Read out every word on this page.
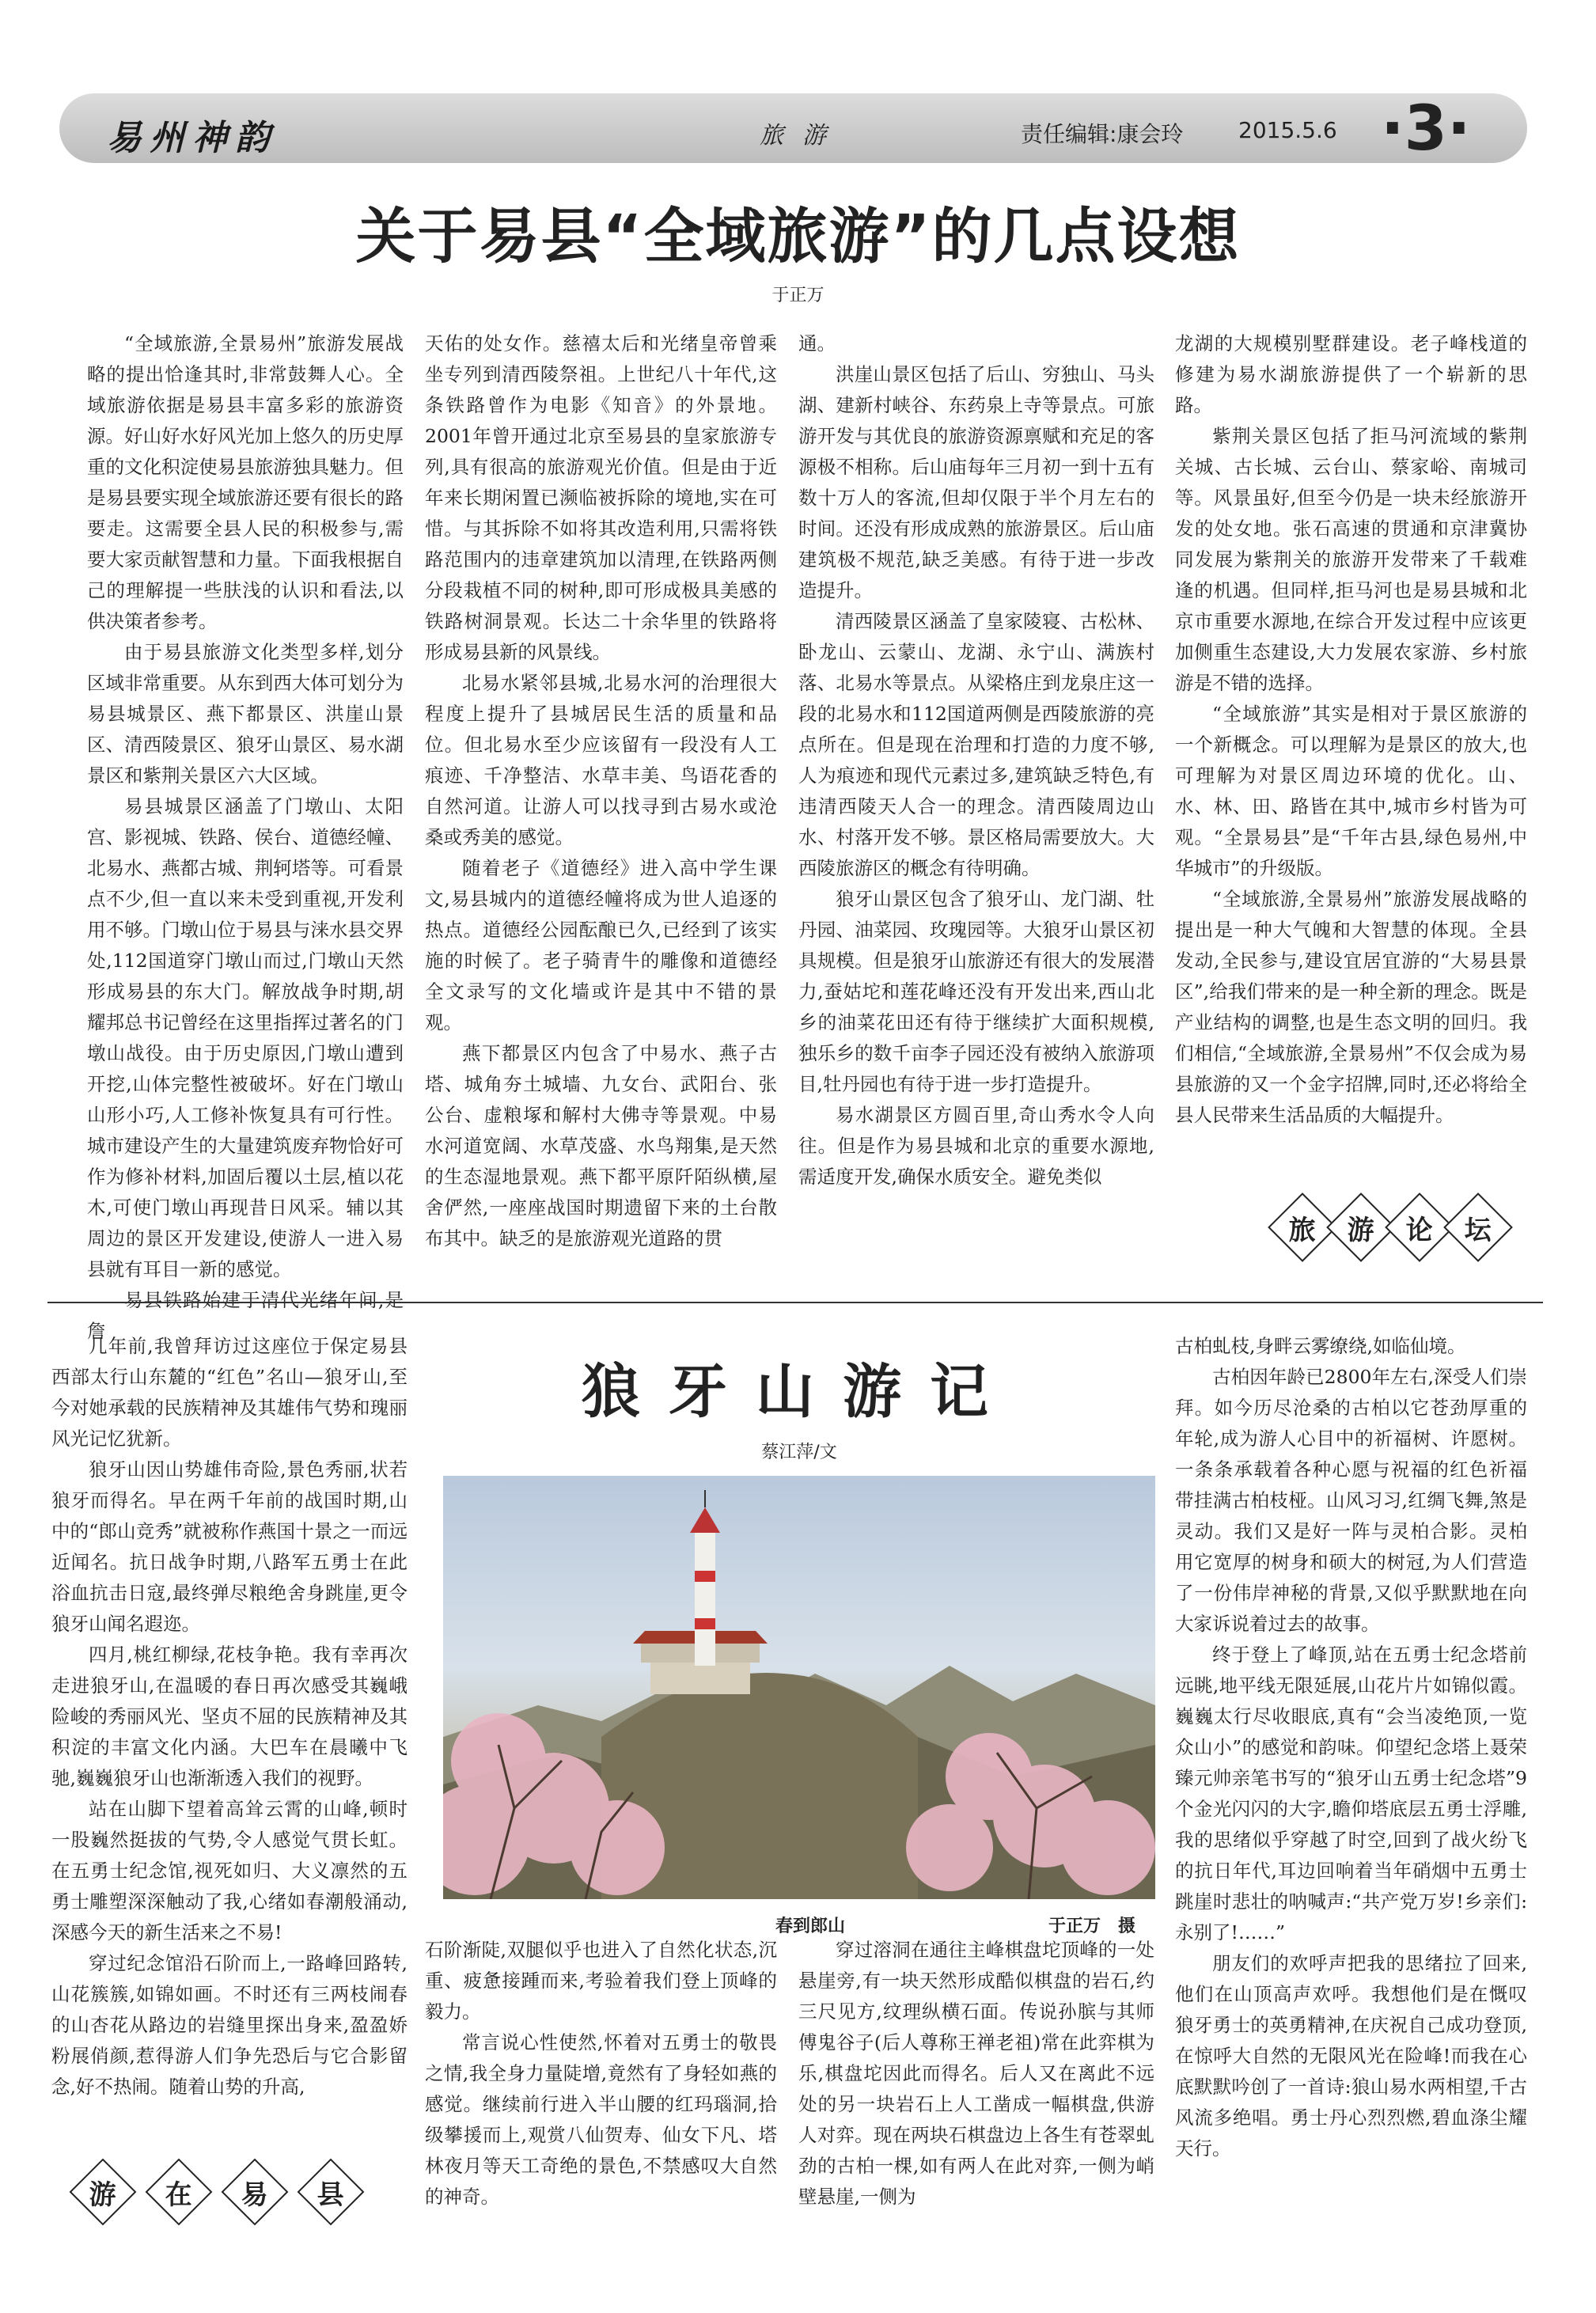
易州神韵	旅游	责任编辑:康会玲 2015.5.6 ·3·
关于易县“全域旅游”的几点设想
于正万

“全域旅游,全景易州”旅游发展战略的提出恰逢其时,非常鼓舞人心。全域旅游依据是易县丰富多彩的旅游资源。好山好水好风光加上悠久的历史厚重的文化积淀使易县旅游独具魅力。但是易县要实现全域旅游还要有很长的路要走。这需要全县人民的积极参与,需要大家贡献智慧和力量。下面我根据自己的理解提一些肤浅的认识和看法,以供决策者参考。

由于易县旅游文化类型多样,划分区域非常重要。从东到西大体可划分为易县城景区、燕下都景区、洪崖山景区、清西陵景区、狼牙山景区、易水湖景区和紫荆关景区六大区域。

易县城景区涵盖了门墩山、太阳宫、影视城、铁路、侯台、道德经幢、北易水、燕都古城、荆轲塔等。可看景点不少,但一直以来未受到重视,开发利用不够。门墩山位于易县与涞水县交界处,112国道穿门墩山而过,门墩山天然形成易县的东大门。解放战争时期,胡耀邦总书记曾经在这里指挥过著名的门墩山战役。由于历史原因,门墩山遭到开挖,山体完整性被破坏。好在门墩山山形小巧,人工修补恢复具有可行性。城市建设产生的大量建筑废弃物恰好可作为修补材料,加固后覆以土层,植以花木,可使门墩山再现昔日风采。辅以其周边的景区开发建设,使游人一进入易县就有耳目一新的感觉。

易县铁路始建于清代光绪年间,是詹

天佑的处女作。慈禧太后和光绪皇帝曾乘坐专列到清西陵祭祖。上世纪八十年代,这条铁路曾作为电影《知音》的外景地。2001年曾开通过北京至易县的皇家旅游专列,具有很高的旅游观光价值。但是由于近年来长期闲置已濒临被拆除的境地,实在可惜。与其拆除不如将其改造利用,只需将铁路范围内的违章建筑加以清理,在铁路两侧分段栽植不同的树种,即可形成极具美感的铁路树洞景观。长达二十余华里的铁路将形成易县新的风景线。

北易水紧邻县城,北易水河的治理很大程度上提升了县城居民生活的质量和品位。但北易水至少应该留有一段没有人工痕迹、千净整洁、水草丰美、鸟语花香的自然河道。让游人可以找寻到古易水或沧桑或秀美的感觉。

随着老子《道德经》进入高中学生课文,易县城内的道德经幢将成为世人追逐的热点。道德经公园酝酿已久,已经到了该实施的时候了。老子骑青牛的雕像和道德经全文录写的文化墙或许是其中不错的景观。

燕下都景区内包含了中易水、燕子古塔、城角夯土城墙、九女台、武阳台、张公台、虚粮塚和解村大佛寺等景观。中易水河道宽阔、水草茂盛、水鸟翔集,是天然的生态湿地景观。燕下都平原阡陌纵横,屋舍俨然,一座座战国时期遗留下来的土台散布其中。缺乏的是旅游观光道路的贯

通。

洪崖山景区包括了后山、穷独山、马头湖、建新村峡谷、东药泉上寺等景点。可旅游开发与其优良的旅游资源禀赋和充足的客源极不相称。后山庙每年三月初一到十五有数十万人的客流,但却仅限于半个月左右的时间。还没有形成成熟的旅游景区。后山庙建筑极不规范,缺乏美感。有待于进一步改造提升。

清西陵景区涵盖了皇家陵寝、古松林、卧龙山、云蒙山、龙湖、永宁山、满族村落、北易水等景点。从梁格庄到龙泉庄这一段的北易水和112国道两侧是西陵旅游的亮点所在。但是现在治理和打造的力度不够,人为痕迹和现代元素过多,建筑缺乏特色,有违清西陵天人合一的理念。清西陵周边山水、村落开发不够。景区格局需要放大。大西陵旅游区的概念有待明确。

狼牙山景区包含了狼牙山、龙门湖、牡丹园、油菜园、玫瑰园等。大狼牙山景区初具规模。但是狼牙山旅游还有很大的发展潜力,蚕姑坨和莲花峰还没有开发出来,西山北乡的油菜花田还有待于继续扩大面积规模,独乐乡的数千亩李子园还没有被纳入旅游项目,牡丹园也有待于进一步打造提升。

易水湖景区方圆百里,奇山秀水令人向往。但是作为易县城和北京的重要水源地,需适度开发,确保水质安全。避免类似

龙湖的大规模别墅群建设。老子峰栈道的修建为易水湖旅游提供了一个崭新的思路。

紫荆关景区包括了拒马河流域的紫荆关城、古长城、云台山、蔡家峪、南城司等。风景虽好,但至今仍是一块未经旅游开发的处女地。张石高速的贯通和京津冀协同发展为紫荆关的旅游开发带来了千载难逢的机遇。但同样,拒马河也是易县城和北京市重要水源地,在综合开发过程中应该更加侧重生态建设,大力发展农家游、乡村旅游是不错的选择。

“全域旅游”其实是相对于景区旅游的一个新概念。可以理解为是景区的放大,也可理解为对景区周边环境的优化。山、水、林、田、路皆在其中,城市乡村皆为可观。“全景易县”是“千年古县,绿色易州,中华城市”的升级版。

“全域旅游,全景易州”旅游发展战略的提出是一种大气魄和大智慧的体现。全县发动,全民参与,建设宜居宜游的“大易县景区”,给我们带来的是一种全新的理念。既是产业结构的调整,也是生态文明的回归。我们相信,“全域旅游,全景易州”不仅会成为易县旅游的又一个金字招牌,同时,还必将给全县人民带来生活品质的大幅提升。

旅 游 论 坛

几年前,我曾拜访过这座位于保定易县西部太行山东麓的“红色”名山—狼牙山,至今对她承载的民族精神及其雄伟气势和瑰丽风光记忆犹新。

狼牙山因山势雄伟奇险,景色秀丽,状若狼牙而得名。早在两千年前的战国时期,山中的“郎山竞秀”就被称作燕国十景之一而远近闻名。抗日战争时期,八路军五勇士在此浴血抗击日寇,最终弹尽粮绝舍身跳崖,更令狼牙山闻名遐迩。

四月,桃红柳绿,花枝争艳。我有幸再次走进狼牙山,在温暖的春日再次感受其巍峨险峻的秀丽风光、坚贞不屈的民族精神及其积淀的丰富文化内涵。大巴车在晨曦中飞驰,巍巍狼牙山也渐渐透入我们的视野。

站在山脚下望着高耸云霄的山峰,顿时一股巍然挺拔的气势,令人感觉气贯长虹。在五勇士纪念馆,视死如归、大义凛然的五勇士雕塑深深触动了我,心绪如春潮般涌动,深感今天的新生活来之不易!

穿过纪念馆沿石阶而上,一路峰回路转,山花簇簇,如锦如画。不时还有三两枝闹春的山杏花从路边的岩缝里探出身来,盈盈娇粉展俏颜,惹得游人们争先恐后与它合影留念,好不热闹。随着山势的升高,

狼牙山游记
蔡江萍/文
春到郎山	于正万　摄

石阶渐陡,双腿似乎也进入了自然化状态,沉重、疲惫接踵而来,考验着我们登上顶峰的毅力。

常言说心性使然,怀着对五勇士的敬畏之情,我全身力量陡增,竟然有了身轻如燕的感觉。继续前行进入半山腰的红玛瑙洞,拾级攀援而上,观赏八仙贺寿、仙女下凡、塔林夜月等天工奇绝的景色,不禁感叹大自然的神奇。

穿过溶洞在通往主峰棋盘坨顶峰的一处悬崖旁,有一块天然形成酷似棋盘的岩石,约三尺见方,纹理纵横石面。传说孙膑与其师傅鬼谷子(后人尊称王禅老祖)常在此弈棋为乐,棋盘坨因此而得名。后人又在离此不远处的另一块岩石上人工凿成一幅棋盘,供游人对弈。现在两块石棋盘边上各生有苍翠虬劲的古柏一棵,如有两人在此对弈,一侧为峭壁悬崖,一侧为

古柏虬枝,身畔云雾缭绕,如临仙境。

古柏因年龄已2800年左右,深受人们崇拜。如今历尽沧桑的古柏以它苍劲厚重的年轮,成为游人心目中的祈福树、许愿树。一条条承载着各种心愿与祝福的红色祈福带挂满古柏枝桠。山风习习,红绸飞舞,煞是灵动。我们又是好一阵与灵柏合影。灵柏用它宽厚的树身和硕大的树冠,为人们营造了一份伟岸神秘的背景,又似乎默默地在向大家诉说着过去的故事。

终于登上了峰顶,站在五勇士纪念塔前远眺,地平线无限延展,山花片片如锦似霞。巍巍太行尽收眼底,真有“会当凌绝顶,一览众山小”的感觉和韵味。仰望纪念塔上聂荣臻元帅亲笔书写的“狼牙山五勇士纪念塔”9个金光闪闪的大字,瞻仰塔底层五勇士浮雕,我的思绪似乎穿越了时空,回到了战火纷飞的抗日年代,耳边回响着当年硝烟中五勇士跳崖时悲壮的呐喊声:“共产党万岁!乡亲们:永别了!……”

朋友们的欢呼声把我的思绪拉了回来,他们在山顶高声欢呼。我想他们是在慨叹狼牙勇士的英勇精神,在庆祝自己成功登顶,在惊呼大自然的无限风光在险峰!而我在心底默默吟创了一首诗:狼山易水两相望,千古风流多绝唱。勇士丹心烈烈燃,碧血涤尘耀天行。

游 在 易 县
